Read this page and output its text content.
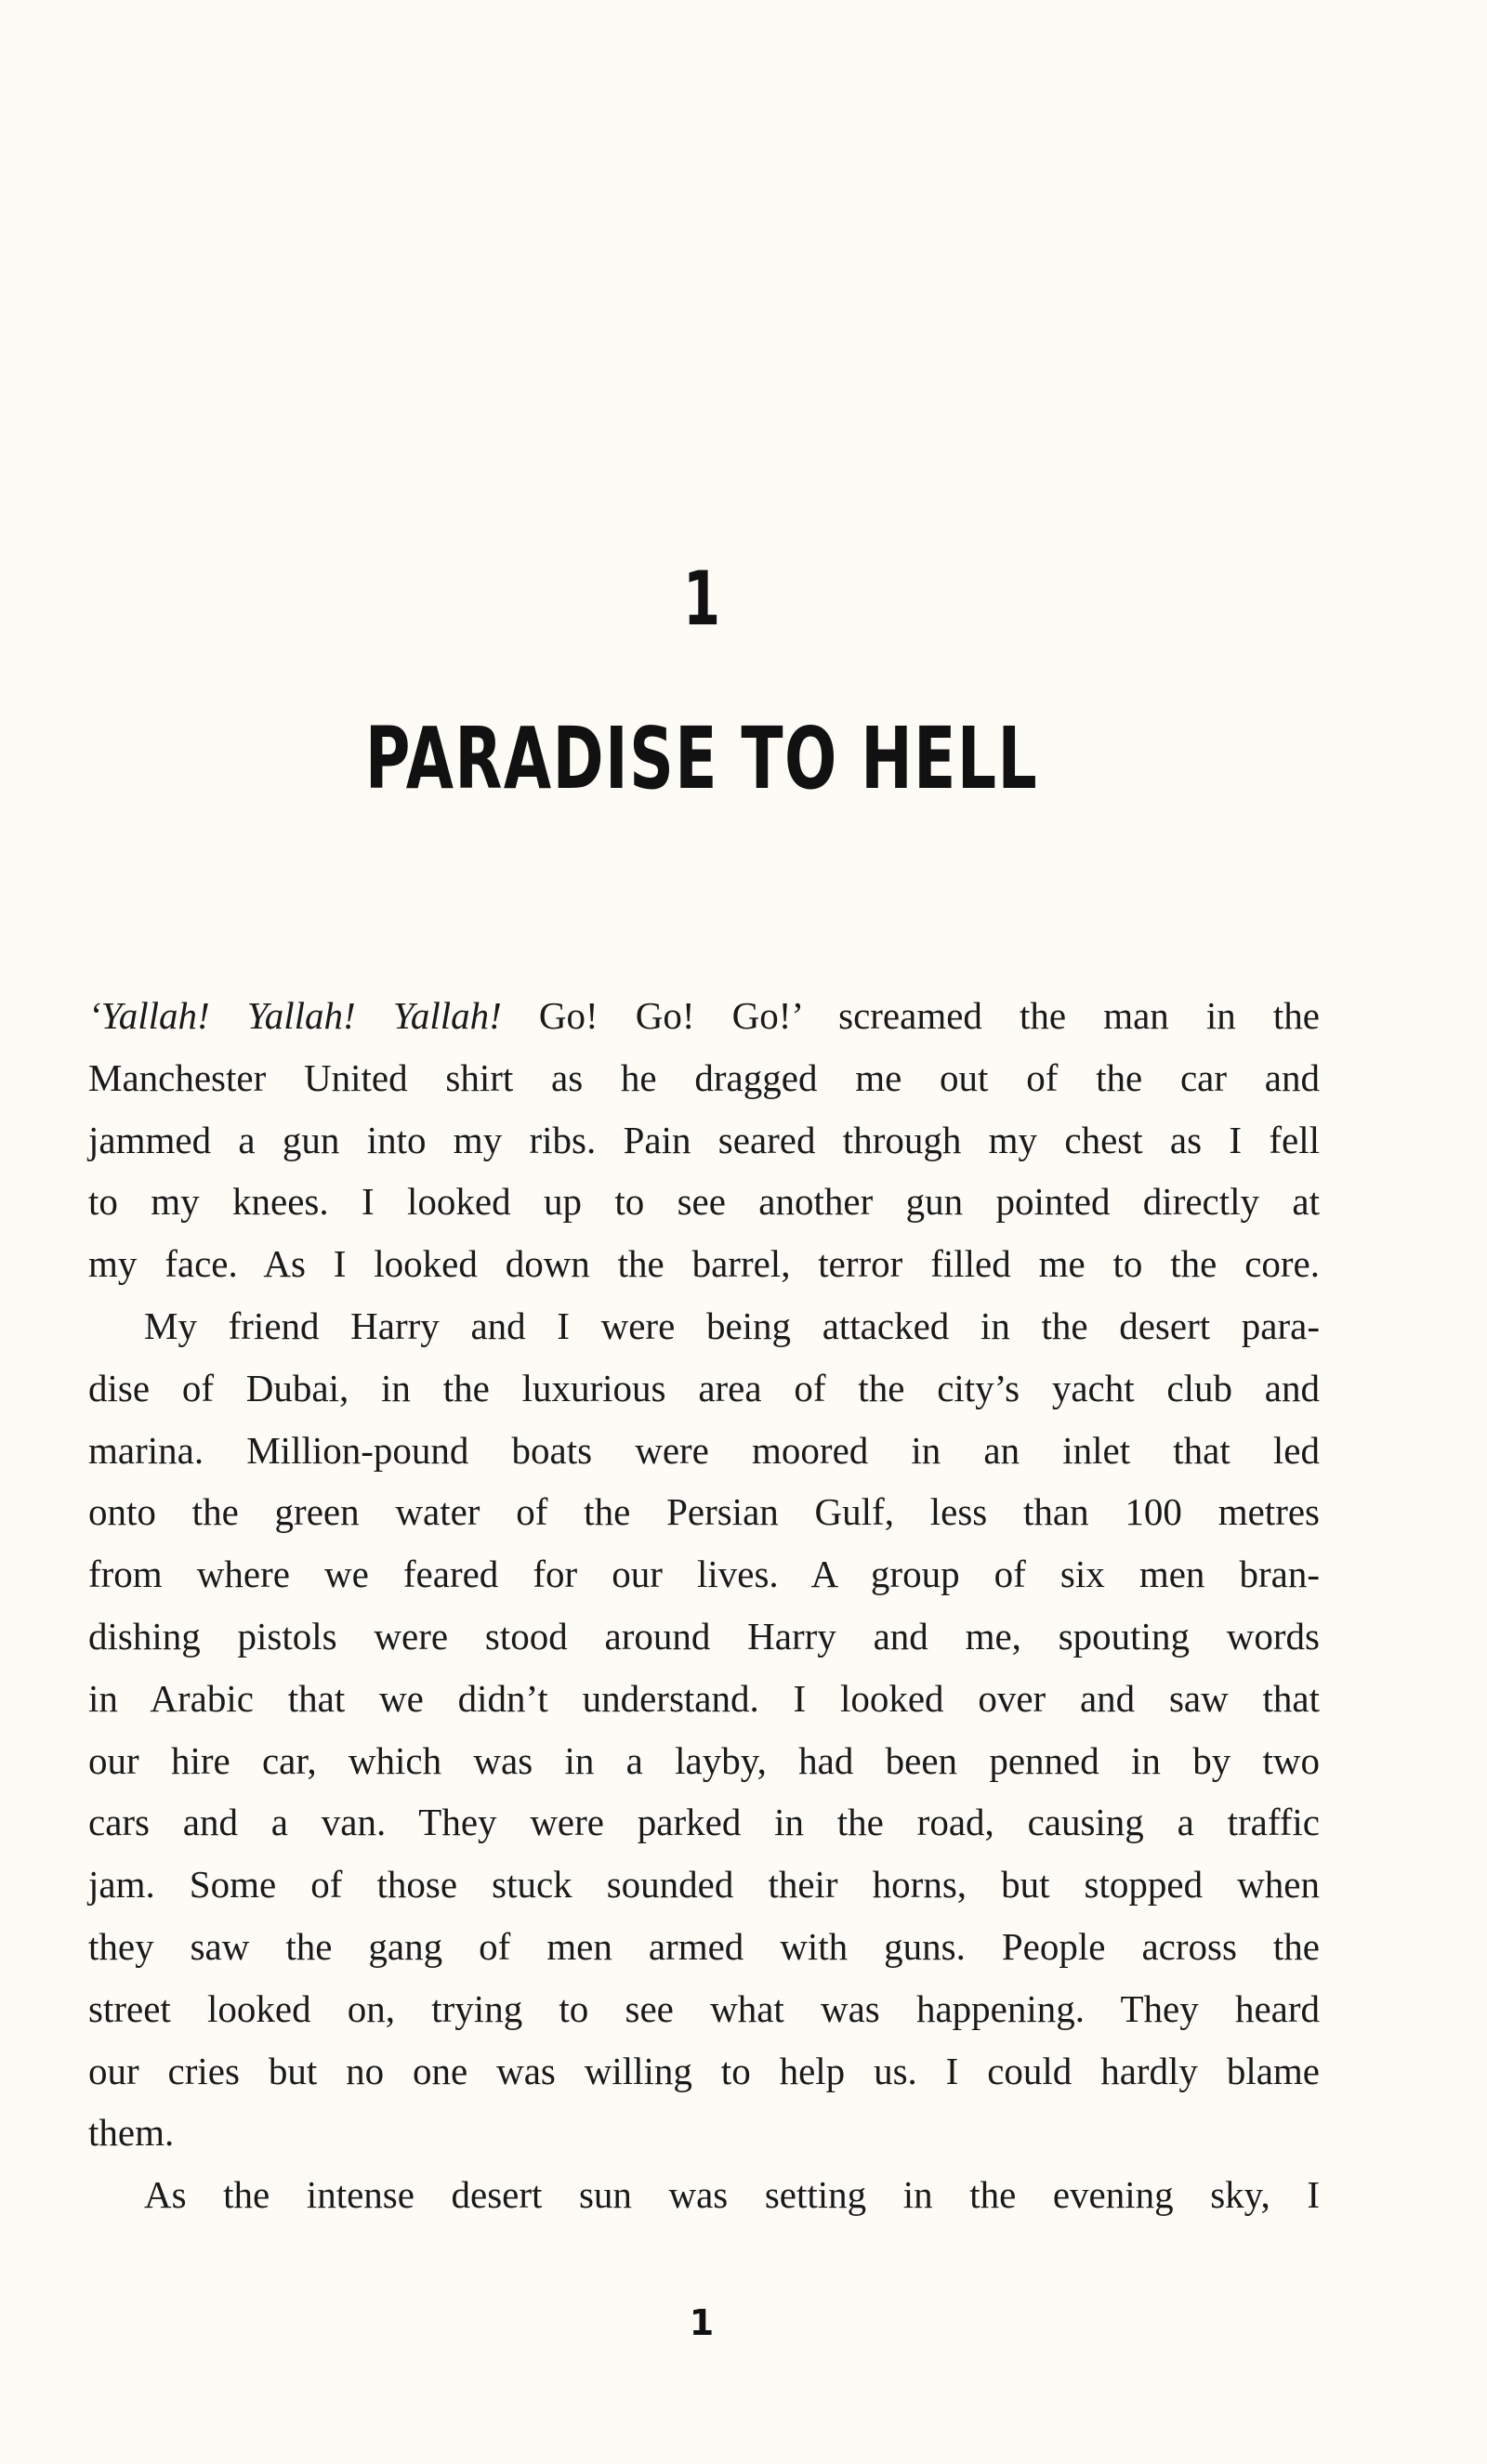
1
PARADISE TO HELL
‘Yallah! Yallah! Yallah! Go! Go! Go!’ screamed the man in the
Manchester United shirt as he dragged me out of the car and
jammed a gun into my ribs. Pain seared through my chest as I fell
to my knees. I looked up to see another gun pointed directly at
my face. As I looked down the barrel, terror filled me to the core.
My friend Harry and I were being attacked in the desert para-
dise of Dubai, in the luxurious area of the city’s yacht club and
marina. Million-pound boats were moored in an inlet that led
onto the green water of the Persian Gulf, less than 100 metres
from where we feared for our lives. A group of six men bran-
dishing pistols were stood around Harry and me, spouting words
in Arabic that we didn’t understand. I looked over and saw that
our hire car, which was in a layby, had been penned in by two
cars and a van. They were parked in the road, causing a traffic
jam. Some of those stuck sounded their horns, but stopped when
they saw the gang of men armed with guns. People across the
street looked on, trying to see what was happening. They heard
our cries but no one was willing to help us. I could hardly blame
them.
As the intense desert sun was setting in the evening sky, I
1
